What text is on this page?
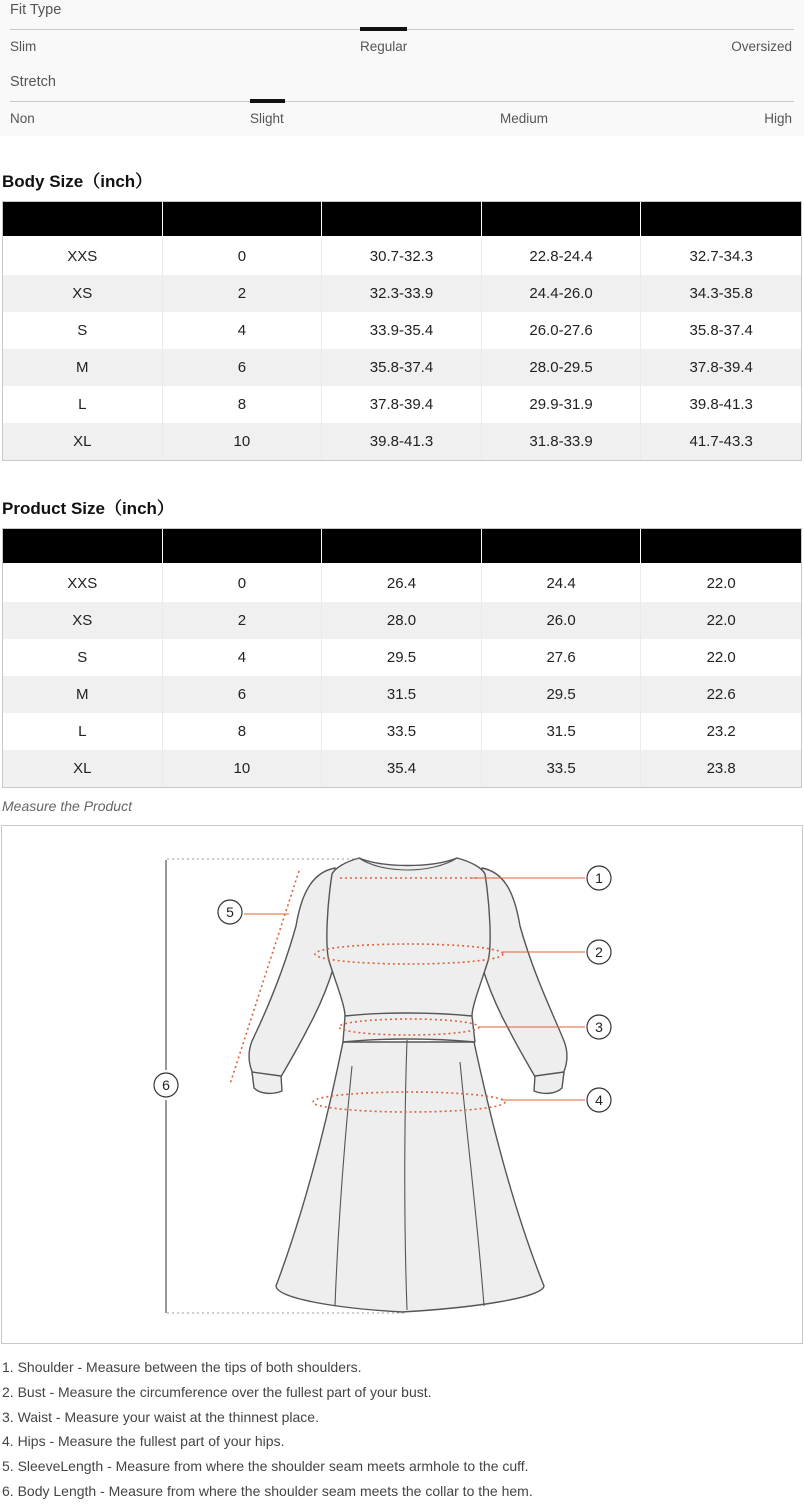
Fit Type
Slim	Regular	Oversized
Stretch
Non	Slight	Medium	High
Body Size（inch）

XXS	0	30.7-32.3	22.8-24.4	32.7-34.3
XS	2	32.3-33.9	24.4-26.0	34.3-35.8
S	4	33.9-35.4	26.0-27.6	35.8-37.4
M	6	35.8-37.4	28.0-29.5	37.8-39.4
L	8	37.8-39.4	29.9-31.9	39.8-41.3
XL	10	39.8-41.3	31.8-33.9	41.7-43.3
Product Size（inch）

XXS	0	26.4	24.4	22.0
XS	2	28.0	26.0	22.0
S	4	29.5	27.6	22.0
M	6	31.5	29.5	22.6
L	8	33.5	31.5	23.2
XL	10	35.4	33.5	23.8
Measure the Product
1
2
3
4
5
6
1. Shoulder - Measure between the tips of both shoulders.
2. Bust - Measure the circumference over the fullest part of your bust.
3. Waist - Measure your waist at the thinnest place.
4. Hips - Measure the fullest part of your hips.
5. SleeveLength - Measure from where the shoulder seam meets armhole to the cuff.
6. Body Length - Measure from where the shoulder seam meets the collar to the hem.
